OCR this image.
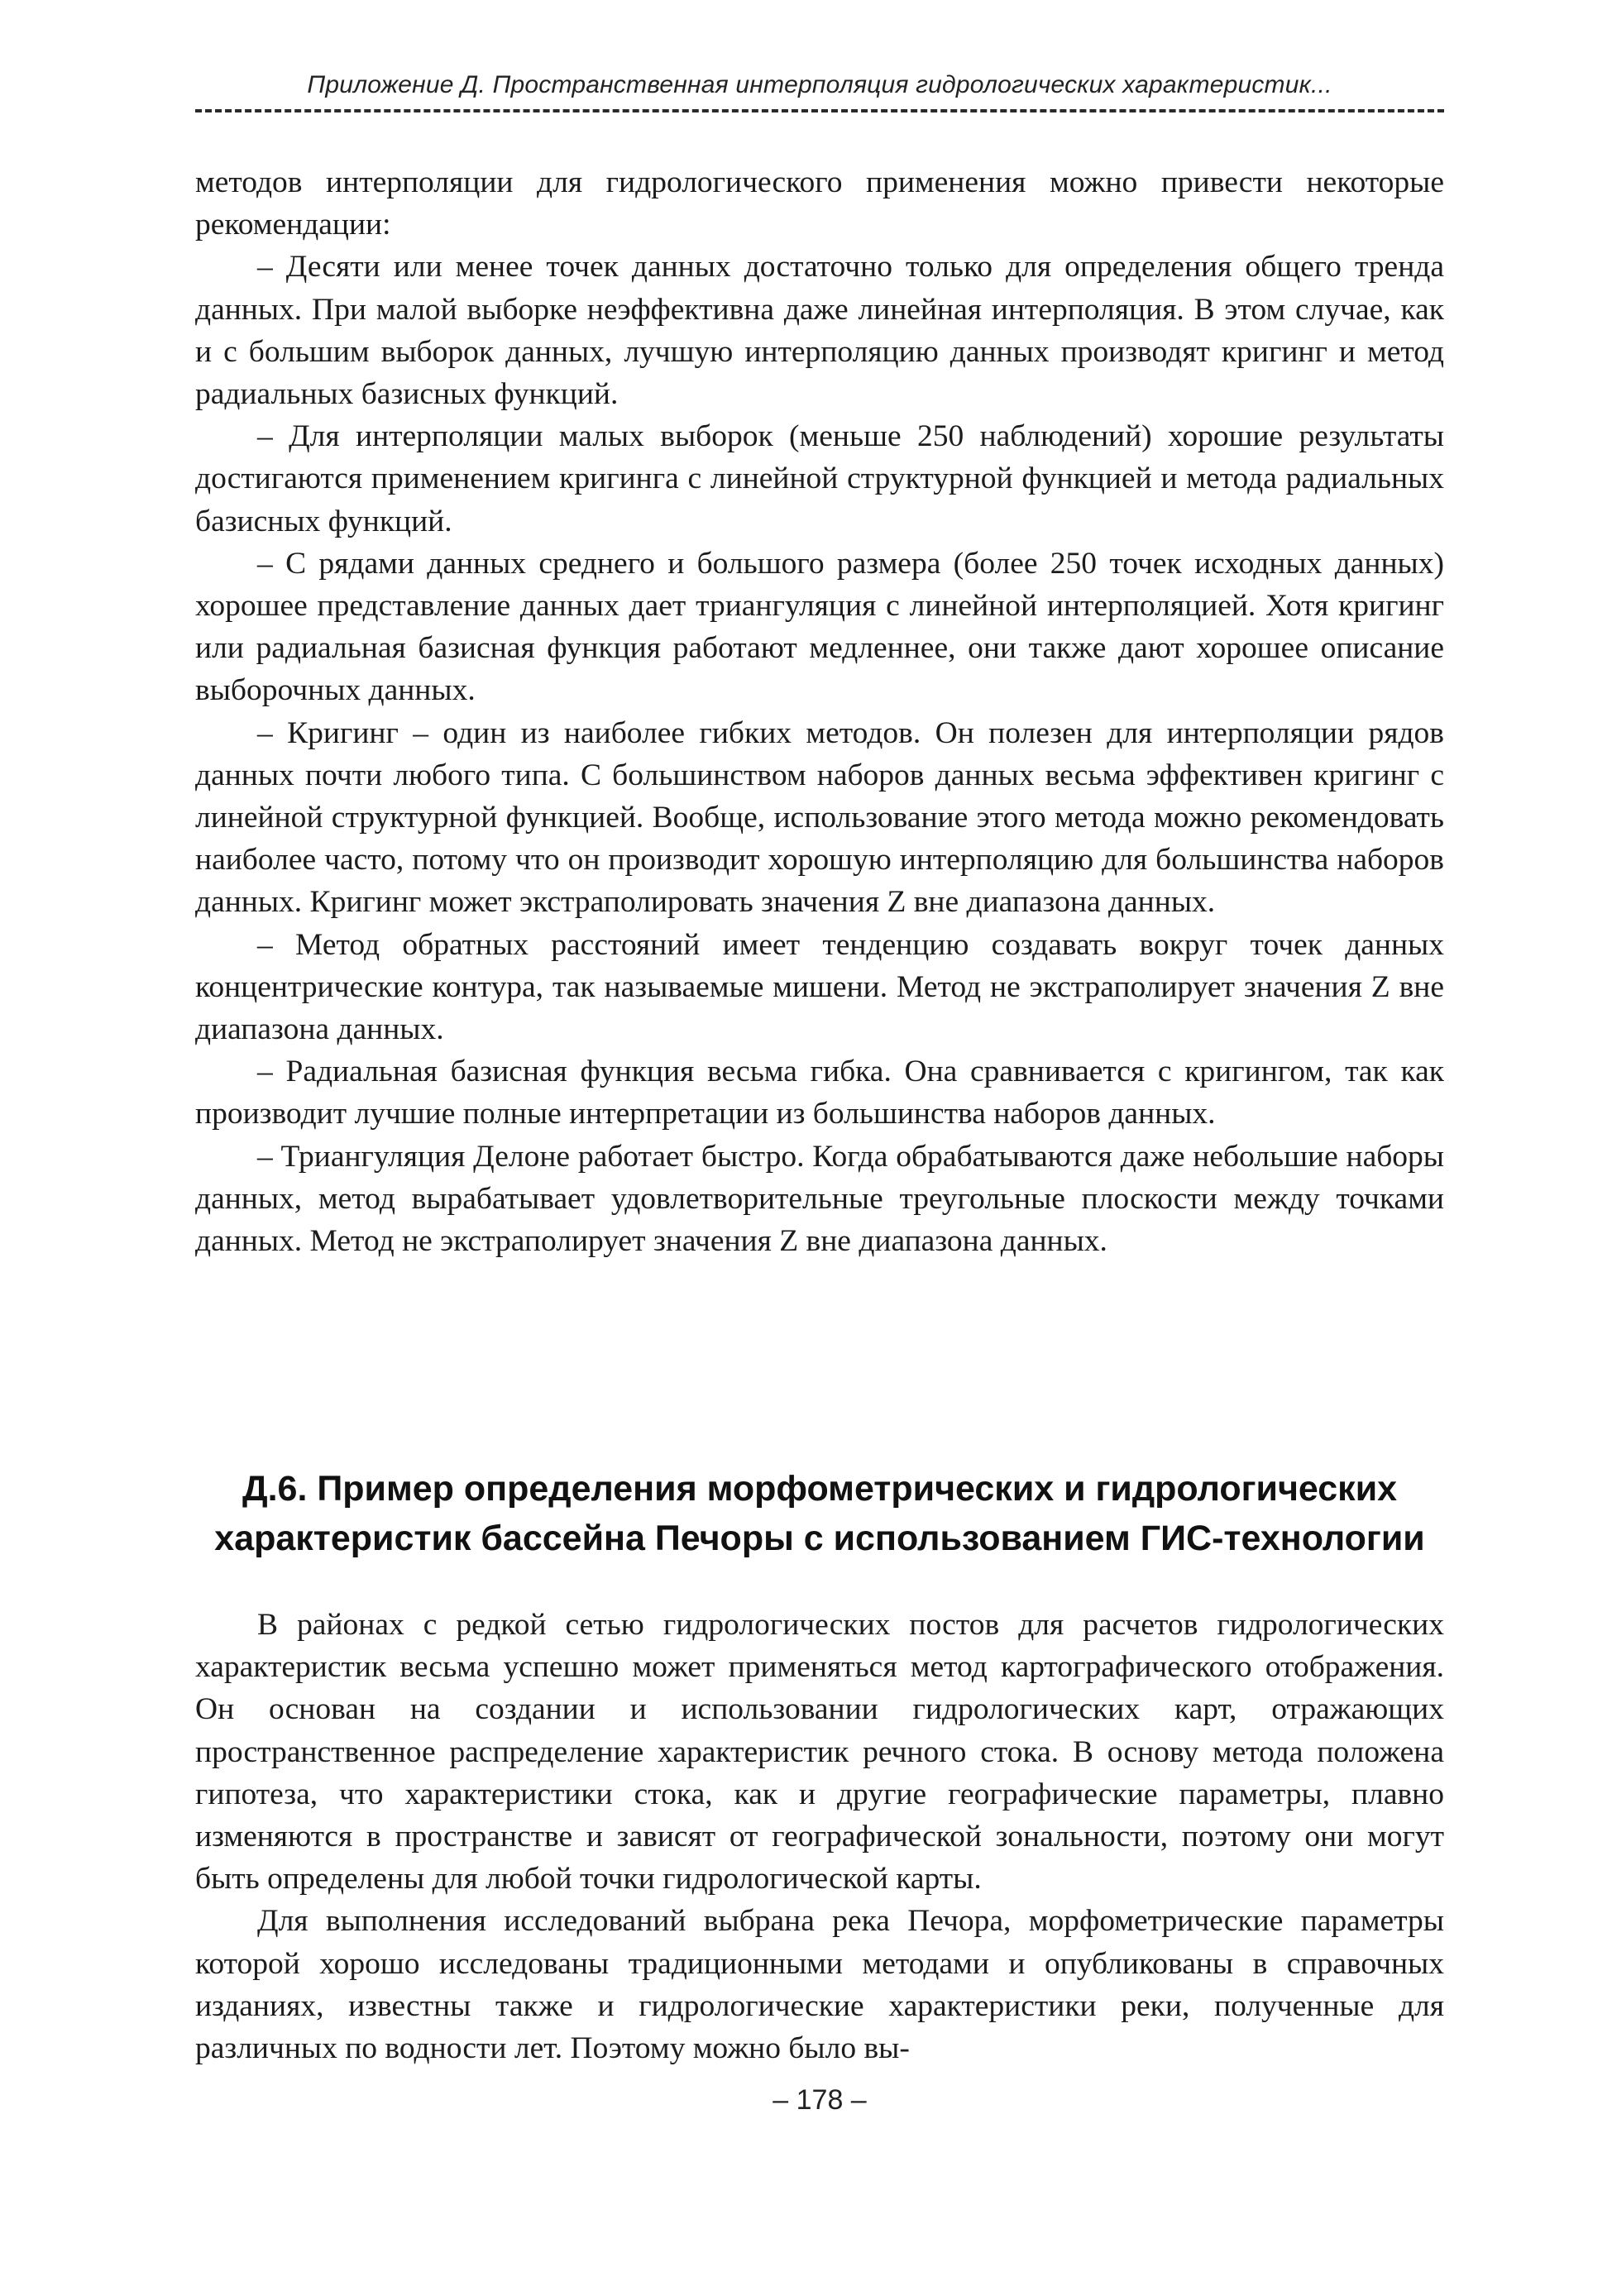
Приложение Д. Пространственная интерполяция гидрологических характеристик...

методов интерполяции для гидрологического применения можно привести некоторые рекомендации:

– Десяти или менее точек данных достаточно только для определения общего тренда данных. При малой выборке неэффективна даже линейная интерполяция. В этом случае, как и с большим выборок данных, лучшую интерполяцию данных производят кригинг и метод радиальных базисных функций.

– Для интерполяции малых выборок (меньше 250 наблюдений) хорошие результаты достигаются применением кригинга с линейной структурной функцией и метода радиальных базисных функций.

– С рядами данных среднего и большого размера (более 250 точек исходных данных) хорошее представление данных дает триангуляция с линейной интерполяцией. Хотя кригинг или радиальная базисная функция работают медленнее, они также дают хорошее описание выборочных данных.

– Кригинг – один из наиболее гибких методов. Он полезен для интерполяции рядов данных почти любого типа. С большинством наборов данных весьма эффективен кригинг с линейной структурной функцией. Вообще, использование этого метода можно рекомендовать наиболее часто, потому что он производит хорошую интерполяцию для большинства наборов данных. Кригинг может экстраполировать значения Z вне диапазона данных.

– Метод обратных расстояний имеет тенденцию создавать вокруг точек данных концентрические контура, так называемые мишени. Метод не экстраполирует значения Z вне диапазона данных.

– Радиальная базисная функция весьма гибка. Она сравнивается с кригингом, так как производит лучшие полные интерпретации из большинства наборов данных.

– Триангуляция Делоне работает быстро. Когда обрабатываются даже небольшие наборы данных, метод вырабатывает удовлетворительные треугольные плоскости между точками данных. Метод не экстраполирует значения Z вне диапазона данных.

Д.6. Пример определения морфометрических и гидрологических
характеристик бассейна Печоры с использованием ГИС-технологии

В районах с редкой сетью гидрологических постов для расчетов гидрологических характеристик весьма успешно может применяться метод картографического отображения. Он основан на создании и использовании гидрологических карт, отражающих пространственное распределение характеристик речного стока. В основу метода положена гипотеза, что характеристики стока, как и другие географические параметры, плавно изменяются в пространстве и зависят от географической зональности, поэтому они могут быть определены для любой точки гидрологической карты.

Для выполнения исследований выбрана река Печора, морфометрические параметры которой хорошо исследованы традиционными методами и опубликованы в справочных изданиях, известны также и гидрологические характеристики реки, полученные для различных по водности лет. Поэтому можно было вы-

– 178 –
